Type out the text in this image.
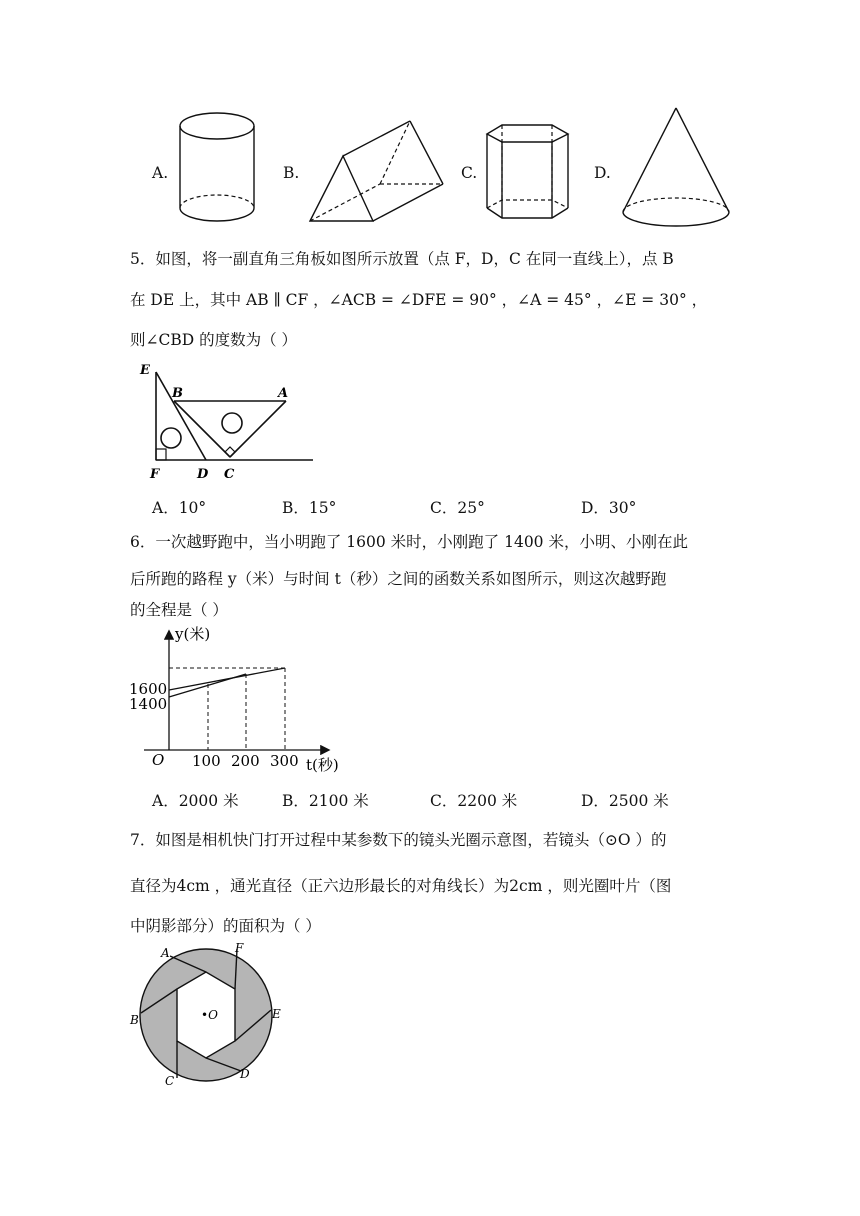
A.	B.	C.	D.
5．如图，将一副直角三角板如图所示放置（点 F，D，C 在同一直线上），点 B
在 DE 上，其中 AB ∥ CF ，∠ACB = ∠DFE = 90° ，∠A = 45° ，∠E = 30° ，
则∠CBD 的度数为（ ）
E
B	A
F	D C
A．10°	B．15°	C．25°	D．30°
6．一次越野跑中，当小明跑了 1600 米时，小刚跑了 1400 米，小明、小刚在此
后所跑的路程 y（米）与时间 t（秒）之间的函数关系如图所示，则这次越野跑
的全程是（ ）
y(米)
t(秒)
O
1600
1400
100 200 300
A．2000 米	B．2100 米	C．2200 米	D．2500 米
7．如图是相机快门打开过程中某参数下的镜头光圈示意图，若镜头（⊙O ）的
直径为4cm ，通光直径（正六边形最长的对角线长）为2cm ，则光圈叶片（图
中阴影部分）的面积为（ ）
A	F
B	E
C	D
•O
